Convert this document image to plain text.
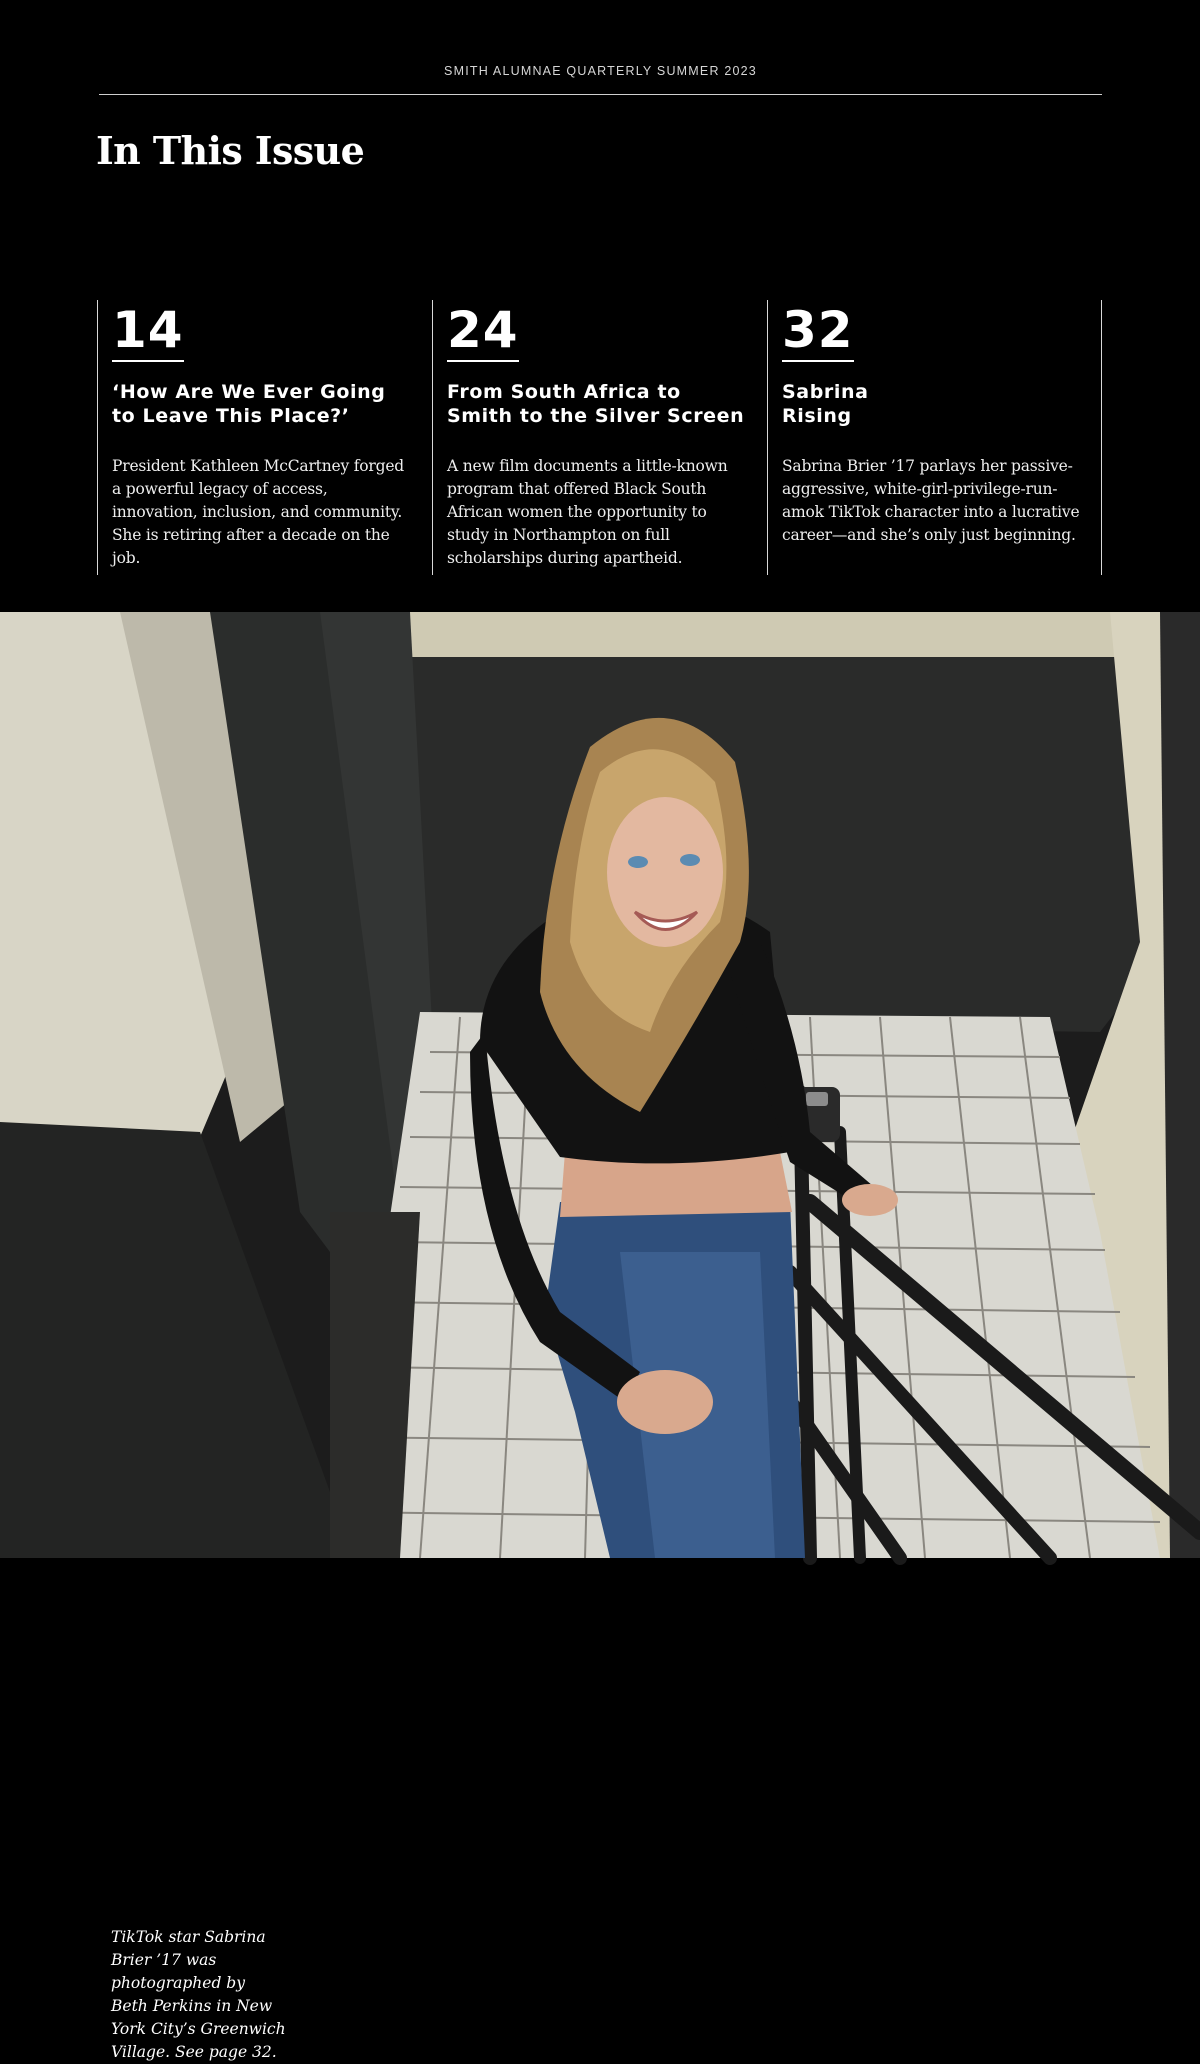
SMITH ALUMNAE QUARTERLY SUMMER 2023
In This Issue
14
‘How Are We Ever Going to Leave This Place?’
President Kathleen McCartney forged a powerful legacy of access, innovation, inclusion, and community. She is retiring after a decade on the job.
24
From South Africa to Smith to the Silver Screen
A new film documents a little-known program that offered Black South African women the opportunity to study in Northampton on full scholarships during apartheid.
32
Sabrina Rising
Sabrina Brier ’17 parlays her passive-aggressive, white-girl-privilege-run-amok TikTok character into a lucrative career—and she’s only just beginning.
TikTok star Sabrina Brier ’17 was photographed by Beth Perkins in New York City’s Greenwich Village. See page 32.
